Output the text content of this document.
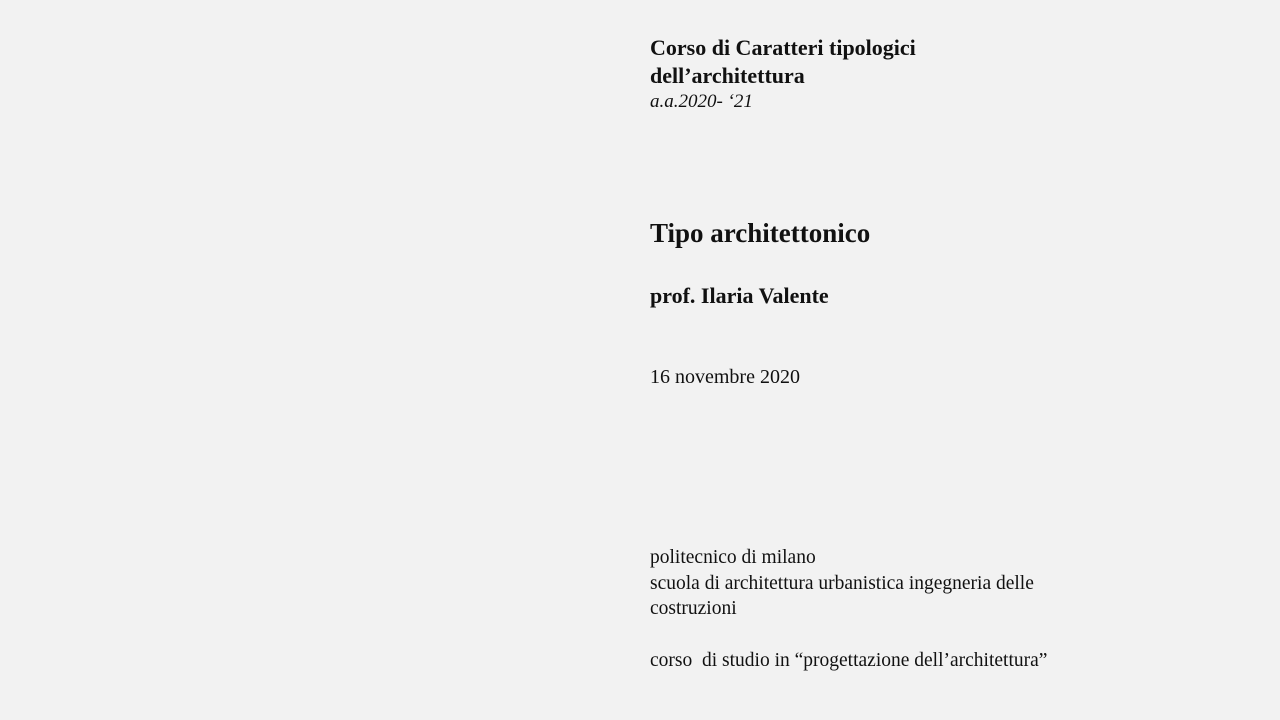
Corso di Caratteri tipologici
dell’architettura
a.a.2020- ‘21
Tipo architettonico
prof. Ilaria Valente
16 novembre 2020
politecnico di milano
scuola di architettura urbanistica ingegneria delle costruzioni
corso  di studio in “progettazione dell’architettura”
